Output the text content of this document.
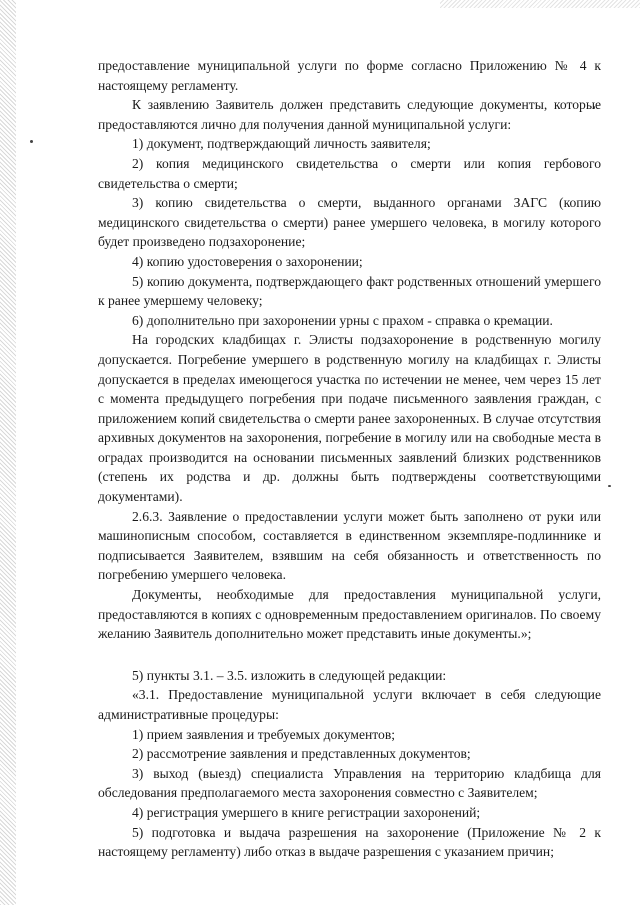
предоставление муниципальной услуги по форме согласно Приложению № 4 к настоящему регламенту.

К заявлению Заявитель должен представить следующие документы, которые предоставляются лично для получения данной муниципальной услуги:

1) документ, подтверждающий личность заявителя;

2) копия медицинского свидетельства о смерти или копия гербового свидетельства о смерти;

3) копию свидетельства о смерти, выданного органами ЗАГС (копию медицинского свидетельства о смерти) ранее умершего человека, в могилу которого будет произведено подзахоронение;

4) копию удостоверения о захоронении;

5) копию документа, подтверждающего факт родственных отношений умершего к ранее умершему человеку;

6) дополнительно при захоронении урны с прахом - справка о кремации.

На городских кладбищах г. Элисты подзахоронение в родственную могилу допускается. Погребение умершего в родственную могилу на кладбищах г. Элисты допускается в пределах имеющегося участка по истечении не менее, чем через 15 лет с момента предыдущего погребения при подаче письменного заявления граждан, с приложением копий свидетельства о смерти ранее захороненных. В случае отсутствия архивных документов на захоронения, погребение в могилу или на свободные места в оградах производится на основании письменных заявлений близких родственников (степень их родства и др. должны быть подтверждены соответствующими документами).

2.6.3. Заявление о предоставлении услуги может быть заполнено от руки или машинописным способом, составляется в единственном экземпляре-подлиннике и подписывается Заявителем, взявшим на себя обязанность и ответственность по погребению умершего человека.

Документы, необходимые для предоставления муниципальной услуги, предоставляются в копиях с одновременным предоставлением оригиналов. По своему желанию Заявитель дополнительно может представить иные документы.»;

5) пункты 3.1. – 3.5. изложить в следующей редакции:

«3.1. Предоставление муниципальной услуги включает в себя следующие административные процедуры:

1) прием заявления и требуемых документов;

2) рассмотрение заявления и представленных документов;

3) выход (выезд) специалиста Управления на территорию кладбища для обследования предполагаемого места захоронения совместно с Заявителем;

4) регистрация умершего в книге регистрации захоронений;

5) подготовка и выдача разрешения на захоронение (Приложение № 2 к настоящему регламенту) либо отказ в выдаче разрешения с указанием причин;
